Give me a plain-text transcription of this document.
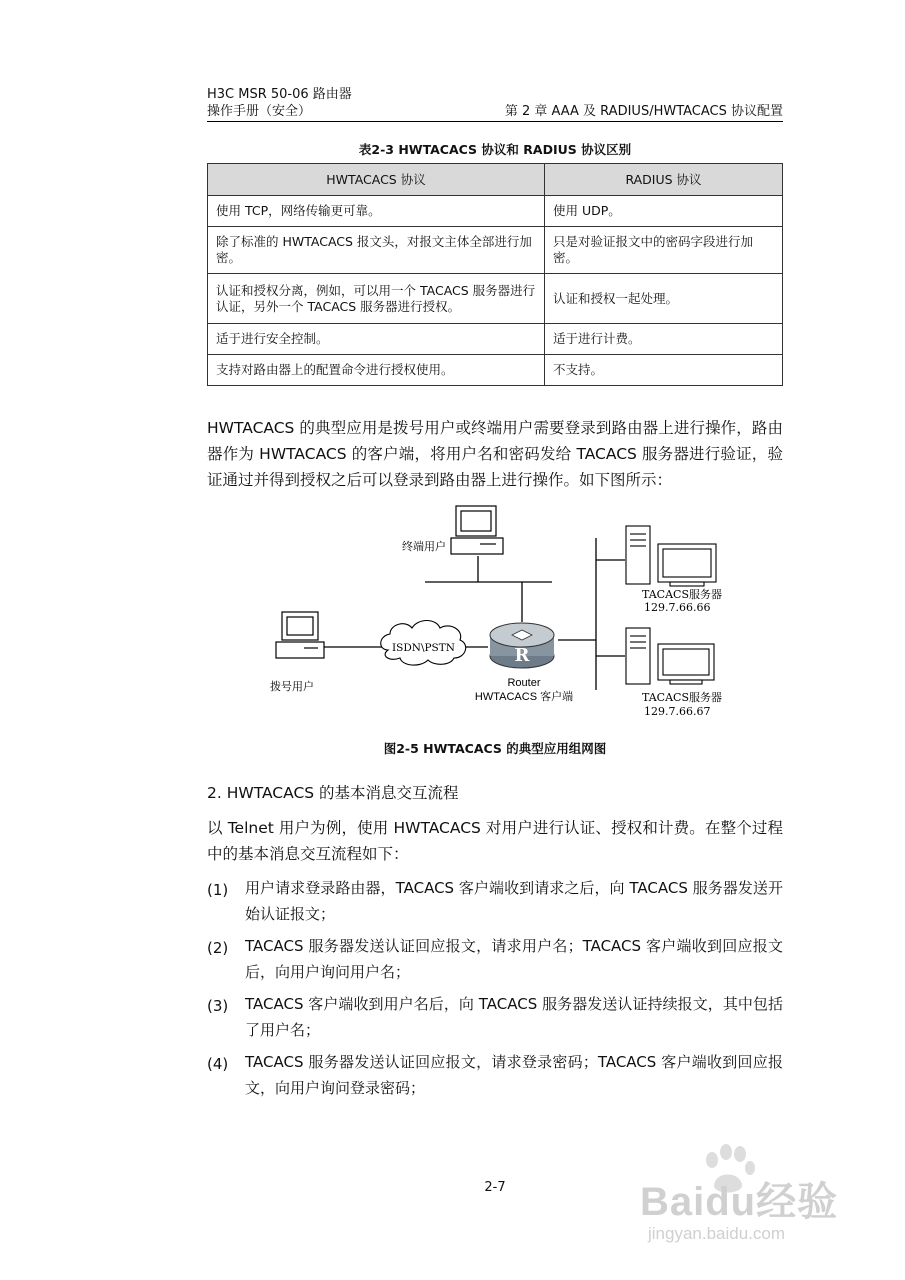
H3C MSR 50-06 路由器
操作手册（安全）	第 2 章 AAA 及 RADIUS/HWTACACS 协议配置
表2-3 HWTACACS 协议和 RADIUS 协议区别
HWTACACS 协议	RADIUS 协议
使用 TCP，网络传输更可靠。	使用 UDP。
除了标准的 HWTACACS 报文头，对报文主体全部进行加密。	只是对验证报文中的密码字段进行加密。
认证和授权分离，例如，可以用一个 TACACS 服务器进行认证，另外一个 TACACS 服务器进行授权。	认证和授权一起处理。
适于进行安全控制。	适于进行计费。
支持对路由器上的配置命令进行授权使用。	不支持。
HWTACACS 的典型应用是拨号用户或终端用户需要登录到路由器上进行操作，路由器作为 HWTACACS 的客户端，将用户名和密码发给 TACACS 服务器进行验证，验证通过并得到授权之后可以登录到路由器上进行操作。如下图所示：
终端用户
拨号用户
ISDN\PSTN	R
Router
HWTACACS 客户端
TACACS服务器
129.7.66.66
TACACS服务器
129.7.66.67
图2-5 HWTACACS 的典型应用组网图
2. HWTACACS 的基本消息交互流程
以 Telnet 用户为例，使用 HWTACACS 对用户进行认证、授权和计费。在整个过程中的基本消息交互流程如下：
(1) 用户请求登录路由器，TACACS 客户端收到请求之后，向 TACACS 服务器发送开始认证报文；
(2) TACACS 服务器发送认证回应报文，请求用户名；TACACS 客户端收到回应报文后，向用户询问用户名；
(3) TACACS 客户端收到用户名后，向 TACACS 服务器发送认证持续报文，其中包括了用户名；
(4) TACACS 服务器发送认证回应报文，请求登录密码；TACACS 客户端收到回应报文，向用户询问登录密码；
2-7	Baidu经验
jingyan.baidu.com
